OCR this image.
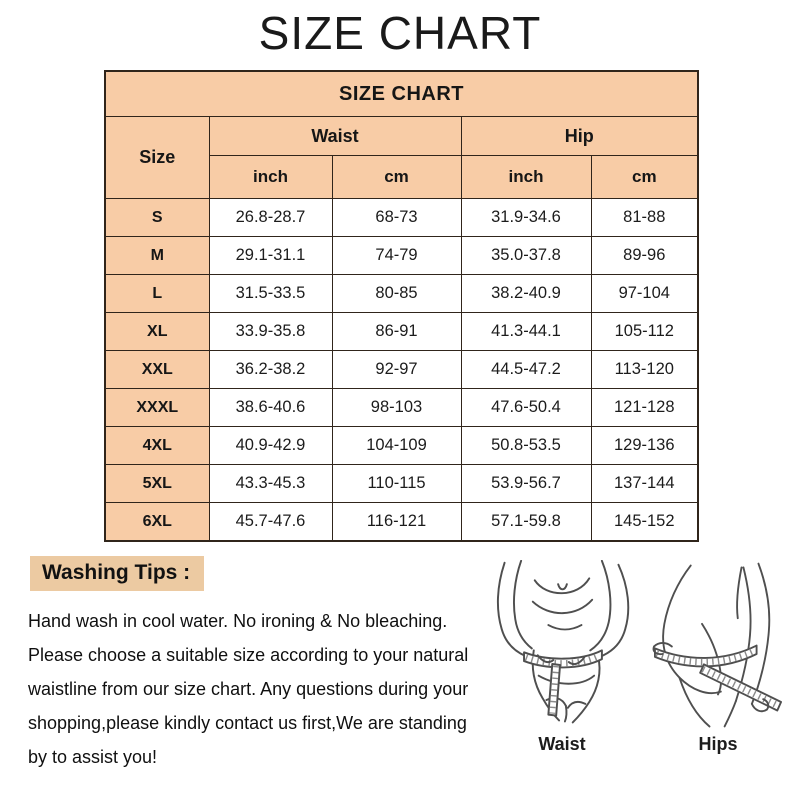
SIZE CHART
SIZE CHART				
Size	Waist		Hip	
	inch	cm	inch	cm
S	26.8-28.7	68-73	31.9-34.6	81-88
M	29.1-31.1	74-79	35.0-37.8	89-96
L	31.5-33.5	80-85	38.2-40.9	97-104
XL	33.9-35.8	86-91	41.3-44.1	105-112
XXL	36.2-38.2	92-97	44.5-47.2	113-120
XXXL	38.6-40.6	98-103	47.6-50.4	121-128
4XL	40.9-42.9	104-109	50.8-53.5	129-136
5XL	43.3-45.3	110-115	53.9-56.7	137-144
6XL	45.7-47.6	116-121	57.1-59.8	145-152
Washing Tips :
Hand wash in cool water. No ironing & No bleaching.
Please choose a suitable size according to your natural
waistline from our size chart. Any questions during your
shopping,please kindly contact us first,We are standing
by to assist you!
Waist	Hips
